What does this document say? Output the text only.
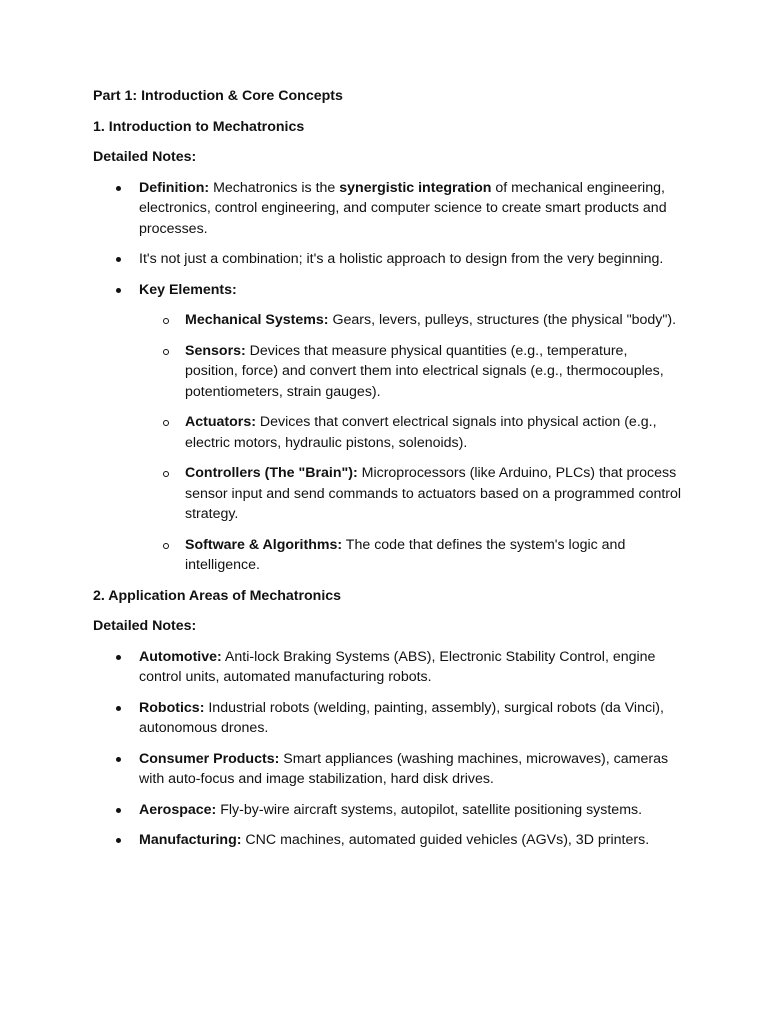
Part 1: Introduction & Core Concepts

1. Introduction to Mechatronics

Detailed Notes:

Definition: Mechatronics is the synergistic integration of mechanical engineering, electronics, control engineering, and computer science to create smart products and processes.
It's not just a combination; it's a holistic approach to design from the very beginning.
Key Elements:
Mechanical Systems: Gears, levers, pulleys, structures (the physical "body").
Sensors: Devices that measure physical quantities (e.g., temperature, position, force) and convert them into electrical signals (e.g., thermocouples, potentiometers, strain gauges).
Actuators: Devices that convert electrical signals into physical action (e.g., electric motors, hydraulic pistons, solenoids).
Controllers (The "Brain"): Microprocessors (like Arduino, PLCs) that process sensor input and send commands to actuators based on a programmed control strategy.
Software & Algorithms: The code that defines the system's logic and intelligence.

2. Application Areas of Mechatronics

Detailed Notes:

Automotive: Anti-lock Braking Systems (ABS), Electronic Stability Control, engine control units, automated manufacturing robots.
Robotics: Industrial robots (welding, painting, assembly), surgical robots (da Vinci), autonomous drones.
Consumer Products: Smart appliances (washing machines, microwaves), cameras with auto-focus and image stabilization, hard disk drives.
Aerospace: Fly-by-wire aircraft systems, autopilot, satellite positioning systems.
Manufacturing: CNC machines, automated guided vehicles (AGVs), 3D printers.
